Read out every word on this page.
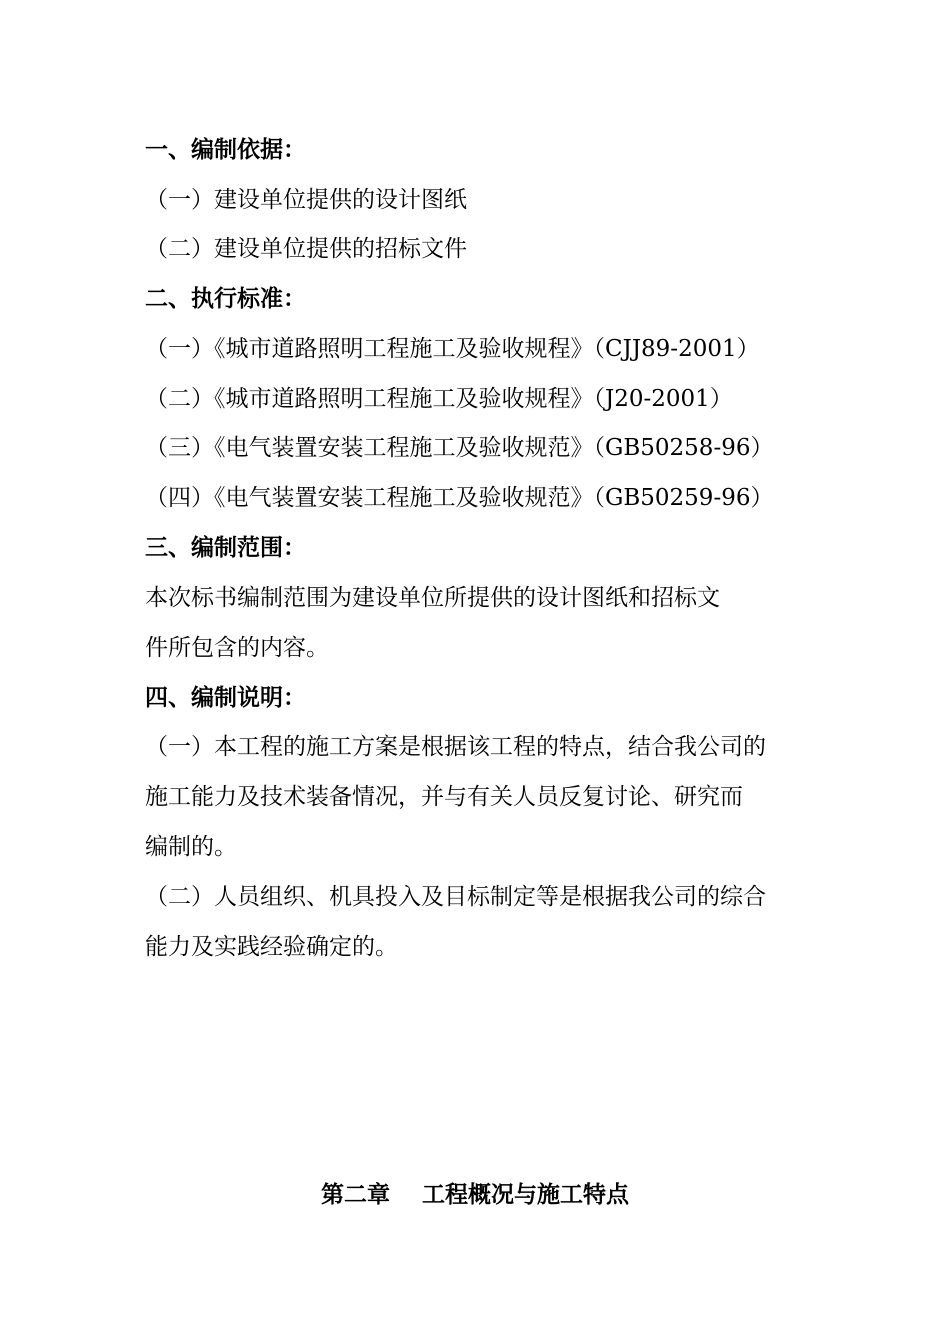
一、编制依据：
（一）建设单位提供的设计图纸
（二）建设单位提供的招标文件
二、执行标准：
（一）《城市道路照明工程施工及验收规程》（CJJ89-2001）
（二）《城市道路照明工程施工及验收规程》（J20-2001）
（三）《电气装置安装工程施工及验收规范》（GB50258-96）
（四）《电气装置安装工程施工及验收规范》（GB50259-96）
三、编制范围：
本次标书编制范围为建设单位所提供的设计图纸和招标文
件所包含的内容。
四、编制说明：
（一）本工程的施工方案是根据该工程的特点，结合我公司的
施工能力及技术装备情况，并与有关人员反复讨论、研究而
编制的。
（二）人员组织、机具投入及目标制定等是根据我公司的综合
能力及实践经验确定的。
第二章    工程概况与施工特点
